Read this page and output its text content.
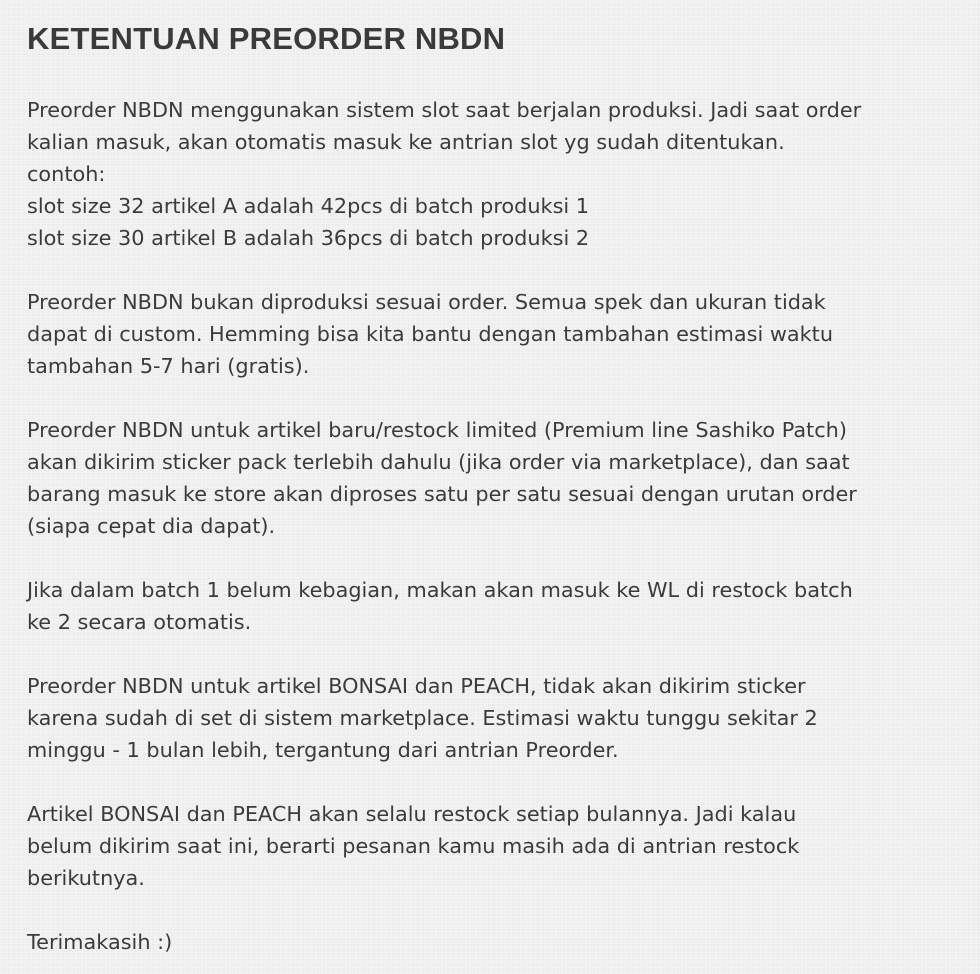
KETENTUAN PREORDER NBDN

Preorder NBDN menggunakan sistem slot saat berjalan produksi. Jadi saat order
kalian masuk, akan otomatis masuk ke antrian slot yg sudah ditentukan.
contoh:
slot size 32 artikel A adalah 42pcs di batch produksi 1
slot size 30 artikel B adalah 36pcs di batch produksi 2

Preorder NBDN bukan diproduksi sesuai order. Semua spek dan ukuran tidak
dapat di custom. Hemming bisa kita bantu dengan tambahan estimasi waktu
tambahan 5-7 hari (gratis).

Preorder NBDN untuk artikel baru/restock limited (Premium line Sashiko Patch)
akan dikirim sticker pack terlebih dahulu (jika order via marketplace), dan saat
barang masuk ke store akan diproses satu per satu sesuai dengan urutan order
(siapa cepat dia dapat).

Jika dalam batch 1 belum kebagian, makan akan masuk ke WL di restock batch
ke 2 secara otomatis.

Preorder NBDN untuk artikel BONSAI dan PEACH, tidak akan dikirim sticker
karena sudah di set di sistem marketplace. Estimasi waktu tunggu sekitar 2
minggu - 1 bulan lebih, tergantung dari antrian Preorder.

Artikel BONSAI dan PEACH akan selalu restock setiap bulannya. Jadi kalau
belum dikirim saat ini, berarti pesanan kamu masih ada di antrian restock
berikutnya.

Terimakasih :)
